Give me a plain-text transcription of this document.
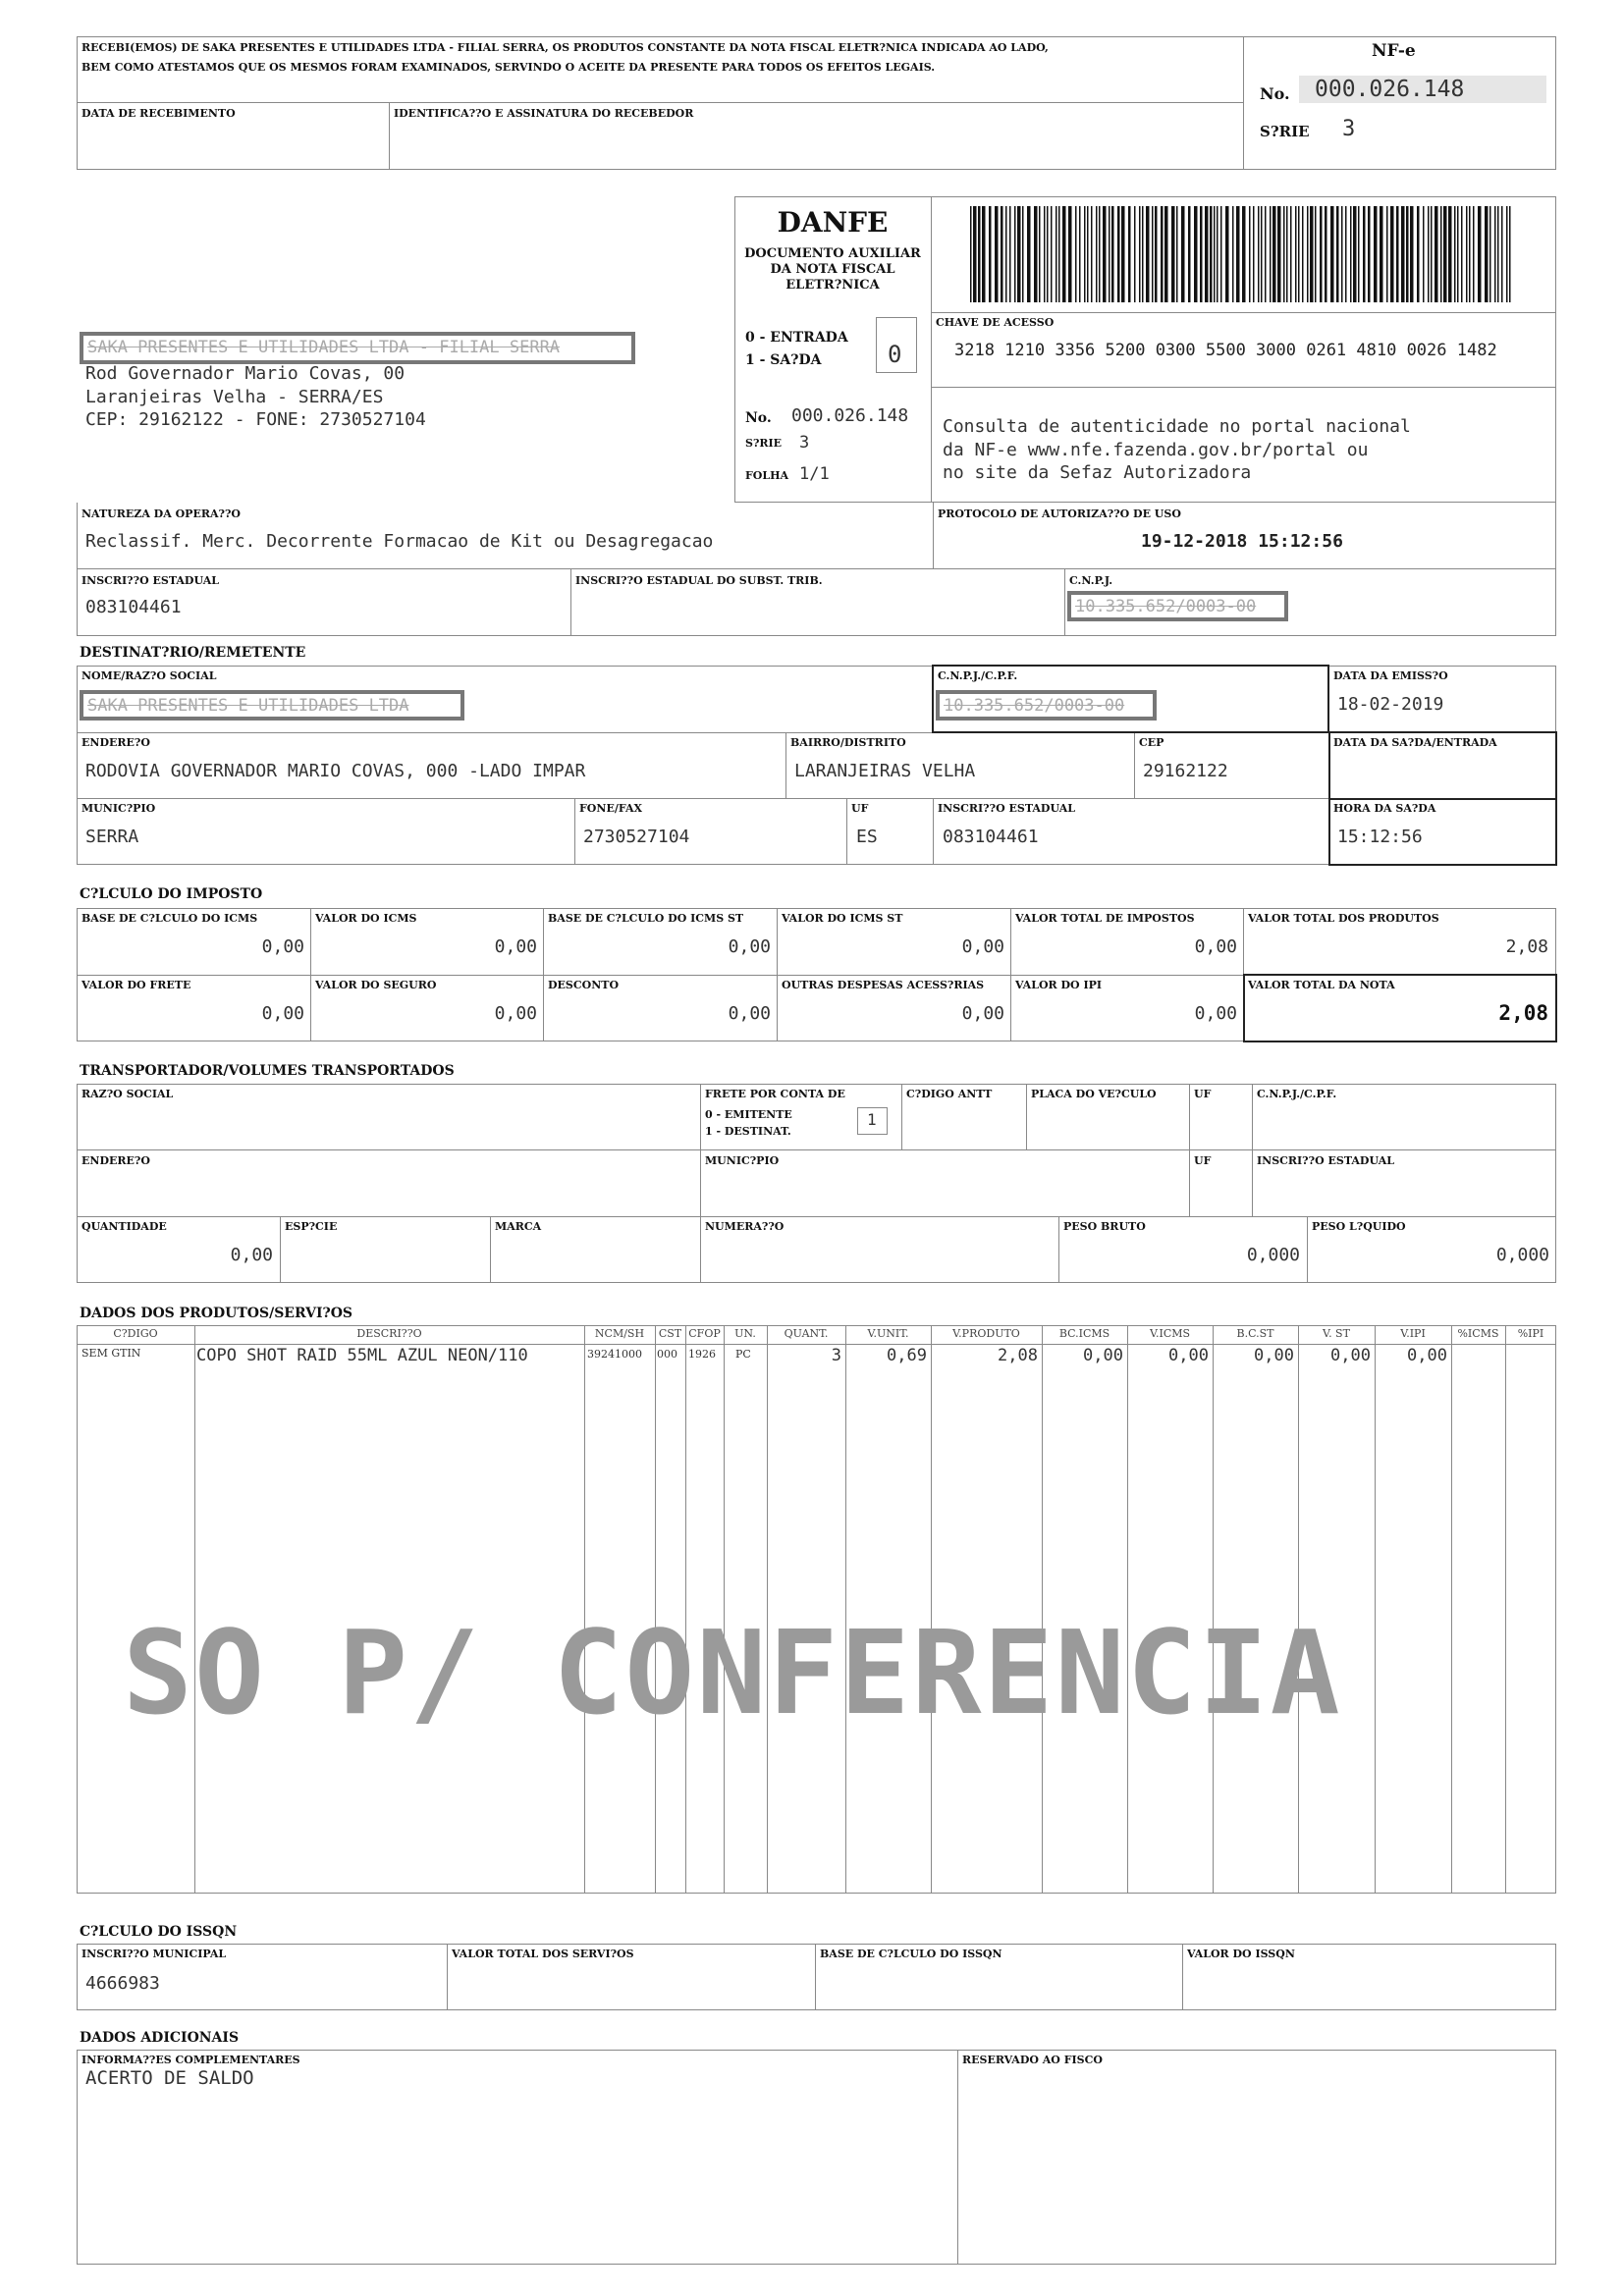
RECEBI(EMOS) DE SAKA PRESENTES E UTILIDADES LTDA - FILIAL SERRA, OS PRODUTOS CONSTANTE DA NOTA FISCAL ELETR?NICA INDICADA AO LADO,
BEM COMO ATESTAMOS QUE OS MESMOS FORAM EXAMINADOS, SERVINDO O ACEITE DA PRESENTE PARA TODOS OS EFEITOS LEGAIS.
DATA DE RECEBIMENTO	IDENTIFICA??O E ASSINATURA DO RECEBEDOR
NF-e
No.	000.026.148
S?RIE 3
SAKA PRESENTES E UTILIDADES LTDA - FILIAL SERRA
Rod Governador Mario Covas, 00
Laranjeiras Velha - SERRA/ES
CEP: 29162122 - FONE: 2730527104
DANFE
DOCUMENTO AUXILIAR
DA NOTA FISCAL
ELETR?NICA
0 - ENTRADA
1 - SA?DA	0
No. 000.026.148
S?RIE 3
FOLHA 1/1
CHAVE DE ACESSO
3218 1210 3356 5200 0300 5500 3000 0261 4810 0026 1482
Consulta de autenticidade no portal nacional
da NF-e www.nfe.fazenda.gov.br/portal ou
no site da Sefaz Autorizadora
NATUREZA DA OPERA??O
Reclassif. Merc. Decorrente Formacao de Kit ou Desagregacao
PROTOCOLO DE AUTORIZA??O DE USO
19-12-2018 15:12:56
INSCRI??O ESTADUAL
083104461
INSCRI??O ESTADUAL DO SUBST. TRIB.	C.N.P.J.
10.335.652/0003-00
DESTINAT?RIO/REMETENTE
NOME/RAZ?O SOCIAL
SAKA PRESENTES E UTILIDADES LTDA
C.N.P.J./C.P.F.
10.335.652/0003-00
DATA DA EMISS?O
18-02-2019
ENDERE?O
RODOVIA GOVERNADOR MARIO COVAS, 000 -LADO IMPAR
BAIRRO/DISTRITO
LARANJEIRAS VELHA
CEP
29162122
DATA DA SA?DA/ENTRADA
MUNIC?PIO
SERRA
FONE/FAX
2730527104
UF
ES
INSCRI??O ESTADUAL
083104461
HORA DA SA?DA
15:12:56
C?LCULO DO IMPOSTO
BASE DE C?LCULO DO ICMS
0,00
VALOR DO ICMS
0,00
BASE DE C?LCULO DO ICMS ST
0,00
VALOR DO ICMS ST
0,00
VALOR TOTAL DE IMPOSTOS
0,00
VALOR TOTAL DOS PRODUTOS
2,08
VALOR DO FRETE
0,00
VALOR DO SEGURO
0,00
DESCONTO
0,00
OUTRAS DESPESAS ACESS?RIAS
0,00
VALOR DO IPI
0,00
VALOR TOTAL DA NOTA
2,08
TRANSPORTADOR/VOLUMES TRANSPORTADOS
RAZ?O SOCIAL	FRETE POR CONTA DE
0 - EMITENTE
1 - DESTINAT.
1
C?DIGO ANTT	PLACA DO VE?CULO	UF	C.N.P.J./C.P.F.
ENDERE?O	MUNIC?PIO	UF	INSCRI??O ESTADUAL
QUANTIDADE
0,00
ESP?CIE	MARCA	NUMERA??O	PESO BRUTO
0,000
PESO L?QUIDO
0,000
DADOS DOS PRODUTOS/SERVI?OS
C?DIGO	DESCRI??O	NCM/SH	CST CFOP	UN.	QUANT.	V.UNIT.	V.PRODUTO	BC.ICMS	V.ICMS	B.C.ST	V. ST	V.IPI	%ICMS	%IPI
SEM GTIN	COPO SHOT RAID 55ML AZUL NEON/110	39241000 000 1926 PC	3	0,69	2,08	0,00	0,00	0,00	0,00	0,00
SO P/ CONFERENCIA
C?LCULO DO ISSQN
INSCRI??O MUNICIPAL
4666983
VALOR TOTAL DOS SERVI?OS	BASE DE C?LCULO DO ISSQN	VALOR DO ISSQN
DADOS ADICIONAIS
INFORMA??ES COMPLEMENTARES
ACERTO DE SALDO
RESERVADO AO FISCO
